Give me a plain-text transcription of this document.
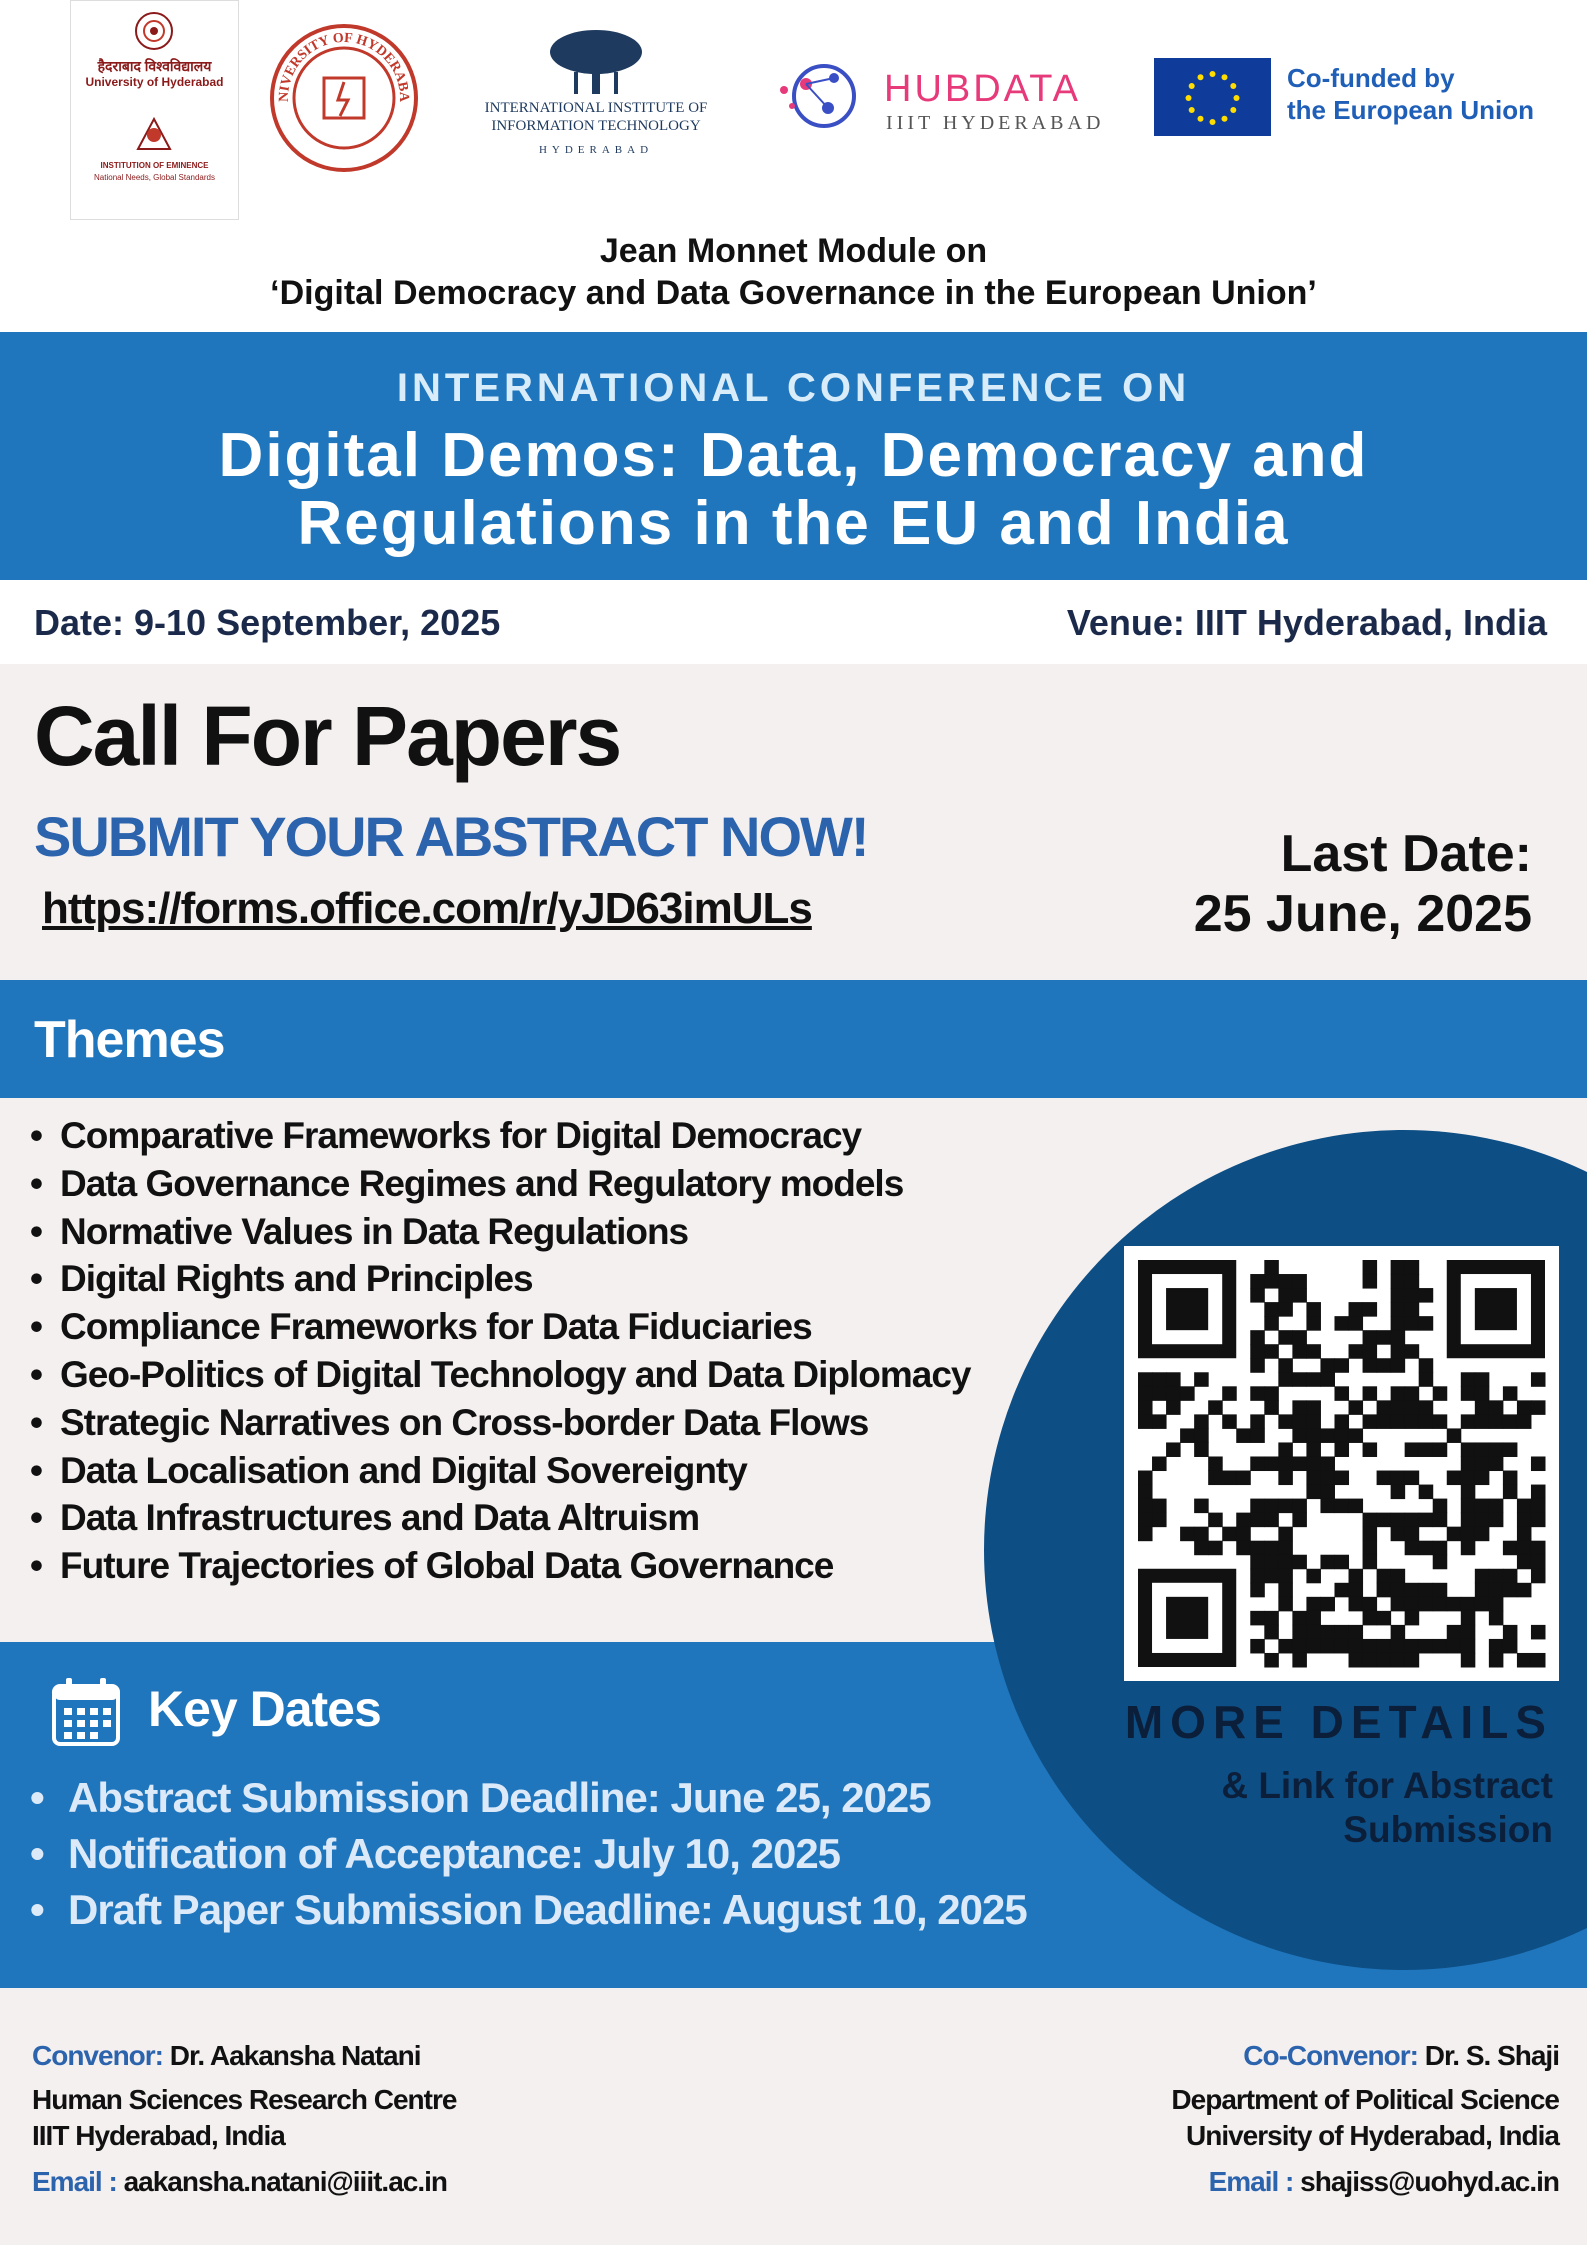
हैदराबाद विश्वविद्यालय
University of Hyderabad
INSTITUTION OF EMINENCE
National Needs, Global Standards
NIVERSITY OF HYDERABA
INTERNATIONAL INSTITUTE OF
INFORMATION TECHNOLOGY
HYDERABAD
HUBDATA
IIIT HYDERABAD
Co-funded by
the European Union
Jean Monnet Module on
‘Digital Democracy and Data Governance in the European Union’
INTERNATIONAL CONFERENCE ON
Digital Demos: Data, Democracy and
Regulations in the EU and India
Date: 9-10 September, 2025	Venue: IIIT Hyderabad, India
Call For Papers
SUBMIT YOUR ABSTRACT NOW!
https://forms.office.com/r/yJD63imULs
Last Date:
25 June, 2025
Themes
• Comparative Frameworks for Digital Democracy
• Data Governance Regimes and Regulatory models
• Normative Values in Data Regulations
• Digital Rights and Principles
• Compliance Frameworks for Data Fiduciaries
• Geo-Politics of Digital Technology and Data Diplomacy
• Strategic Narratives on Cross-border Data Flows
• Data Localisation and Digital Sovereignty
• Data Infrastructures and Data Altruism
• Future Trajectories of Global Data Governance
Key Dates
• Abstract Submission Deadline: June 25, 2025
• Notification of Acceptance: July 10, 2025
• Draft Paper Submission Deadline: August 10, 2025
MORE DETAILS
& Link for Abstract
Submission
Convenor: Dr. Aakansha Natani
Human Sciences Research Centre
IIIT Hyderabad, India
Email : aakansha.natani@iiit.ac.in
Co-Convenor: Dr. S. Shaji
Department of Political Science
University of Hyderabad, India
Email : shajiss@uohyd.ac.in
